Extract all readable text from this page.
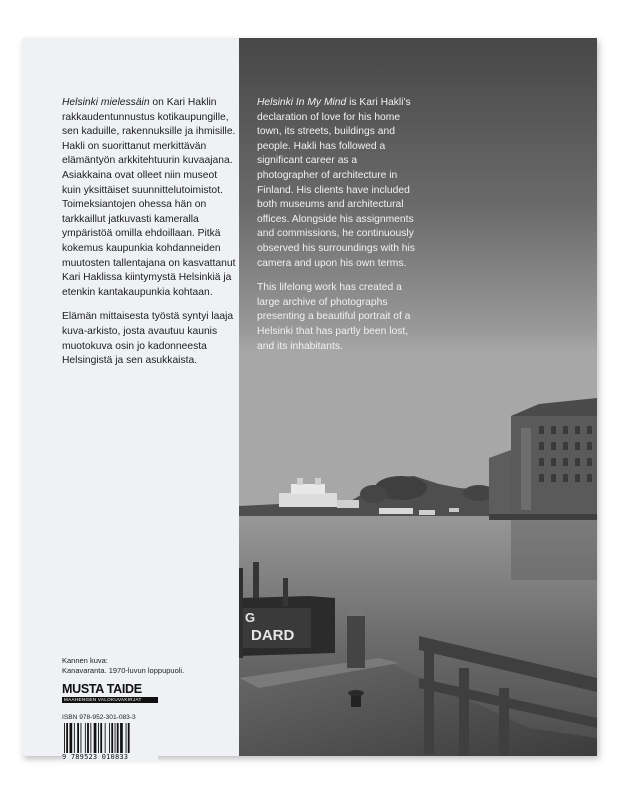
DARD
G

Helsinki mielessäin on Kari Haklin rakkaudentunnustus kotikaupungille, sen kaduille, rakennuksille ja ihmisille. Hakli on suorittanut merkittävän elämäntyön arkkitehtuurin kuvaajana. Asiakkaina ovat olleet niin museot kuin yksittäiset suunnittelutoimistot. Toimeksiantojen ohessa hän on tarkkaillut jatkuvasti kameralla ympäristöä omilla ehdoillaan. Pitkä kokemus kaupunkia kohdanneiden muutosten tallentajana on kasvattanut Kari Haklissa kiintymystä Helsinkiä ja etenkin kantakaupunkia kohtaan.

Elämän mittaisesta työstä syntyi laaja kuva-arkisto, josta avautuu kaunis muotokuva osin jo kadonneesta Helsingistä ja sen asukkaista.

Helsinki In My Mind is Kari Hakli's declaration of love for his home town, its streets, buildings and people. Hakli has followed a significant career as a photographer of architecture in Finland. His clients have included both museums and architectural offices. Alongside his assignments and commissions, he continuously observed his surroundings with his camera and upon his own terms.

This lifelong work has created a large archive of photographs presenting a beautiful portrait of a Helsinki that has partly been lost, and its inhabitants.

Kannen kuva:
Kanavaranta. 1970-luvun loppupuoli.
MUSTA TAIDE
MAAHENGEN VALOKUVAKIRJAT
ISBN 978-952-301-083-3
9 789523 010833
